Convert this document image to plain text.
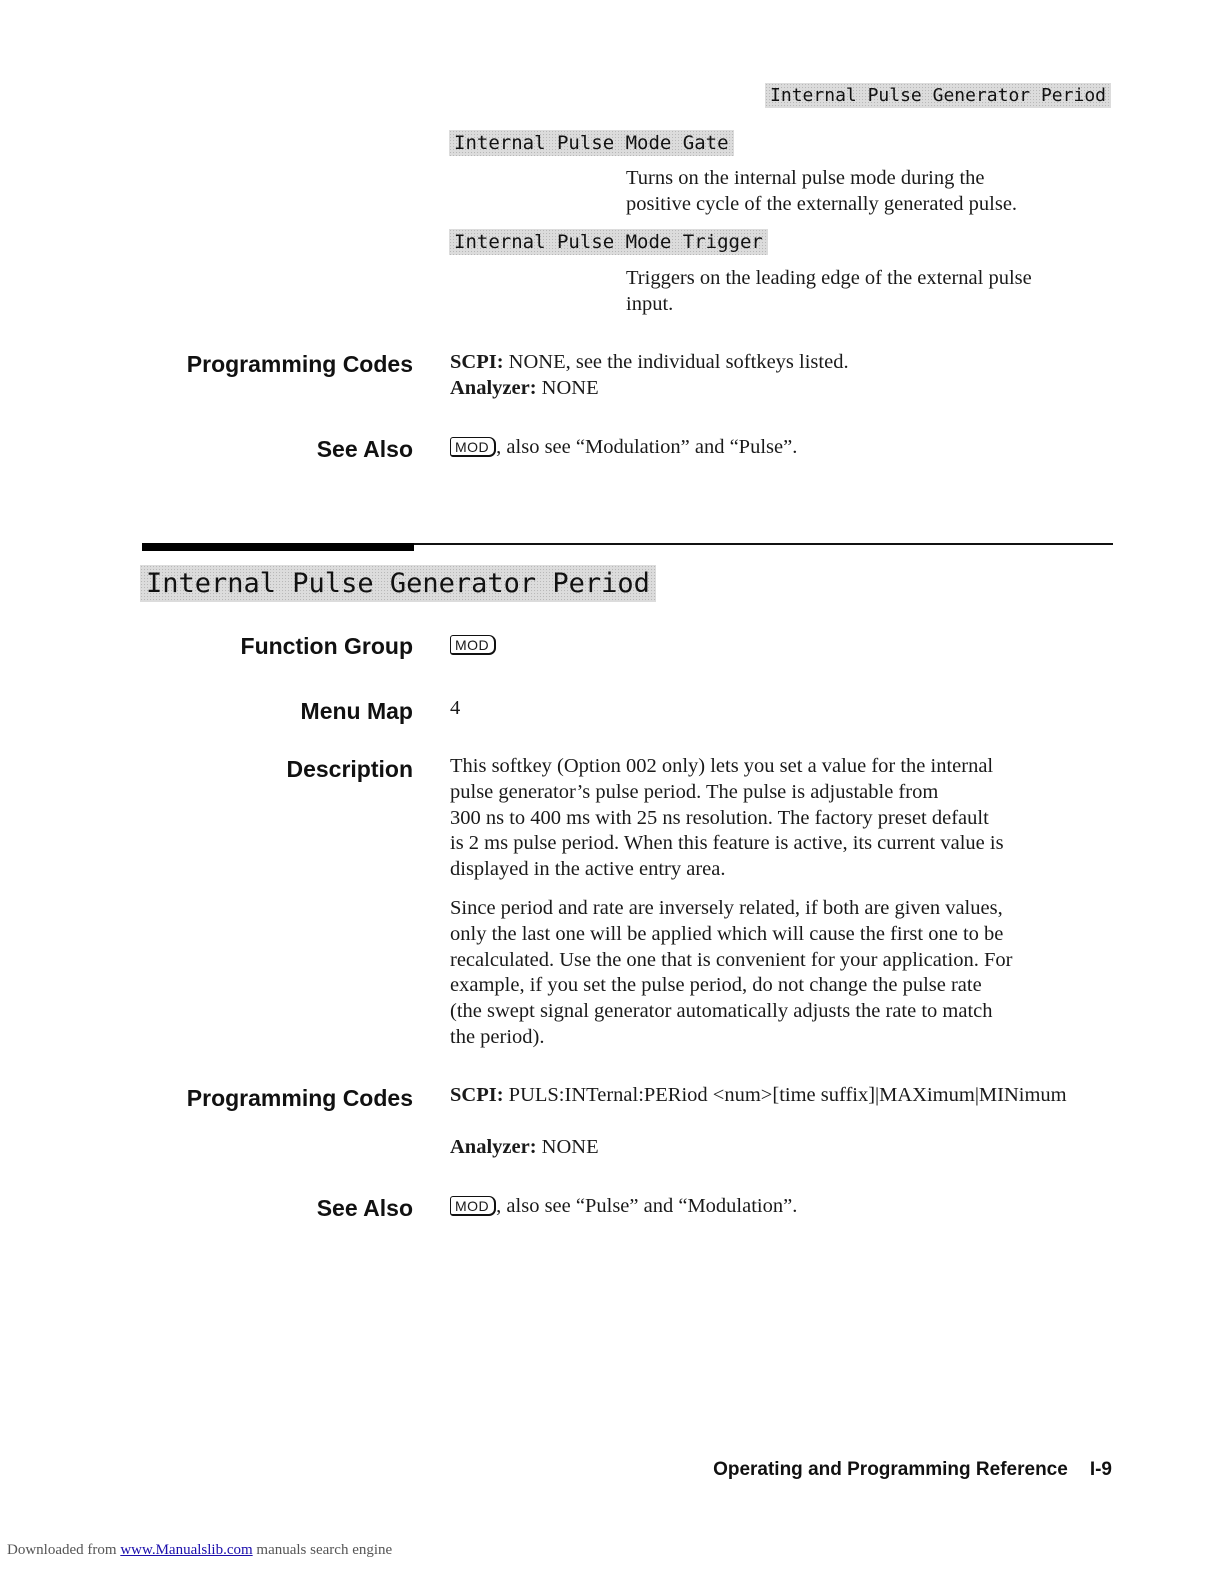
Internal Pulse Generator Period
Internal Pulse Mode Gate
Turns on the internal pulse mode during the
positive cycle of the externally generated pulse.
Internal Pulse Mode Trigger
Triggers on the leading edge of the external pulse
input.
Programming Codes SCPI: NONE, see the individual softkeys listed.
Analyzer: NONE
See Also	MOD , also see “Modulation” and “Pulse”.
Internal Pulse Generator Period
Function Group	MOD
Menu Map 4
Description This softkey (Option 002 only) lets you set a value for the internal
pulse generator’s pulse period. The pulse is adjustable from
300 ns to 400 ms with 25 ns resolution. The factory preset default
is 2 ms pulse period. When this feature is active, its current value is
displayed in the active entry area.
Since period and rate are inversely related, if both are given values,
only the last one will be applied which will cause the first one to be
recalculated. Use the one that is convenient for your application. For
example, if you set the pulse period, do not change the pulse rate
(the swept signal generator automatically adjusts the rate to match
the period).
Programming Codes SCPI: PULS:INTernal:PERiod <num>[time suffix]|MAXimum|MINimum
Analyzer: NONE
See Also	MOD , also see “Pulse” and “Modulation”.
Operating and Programming Reference I-9
Downloaded from www.Manualslib.com manuals search engine
